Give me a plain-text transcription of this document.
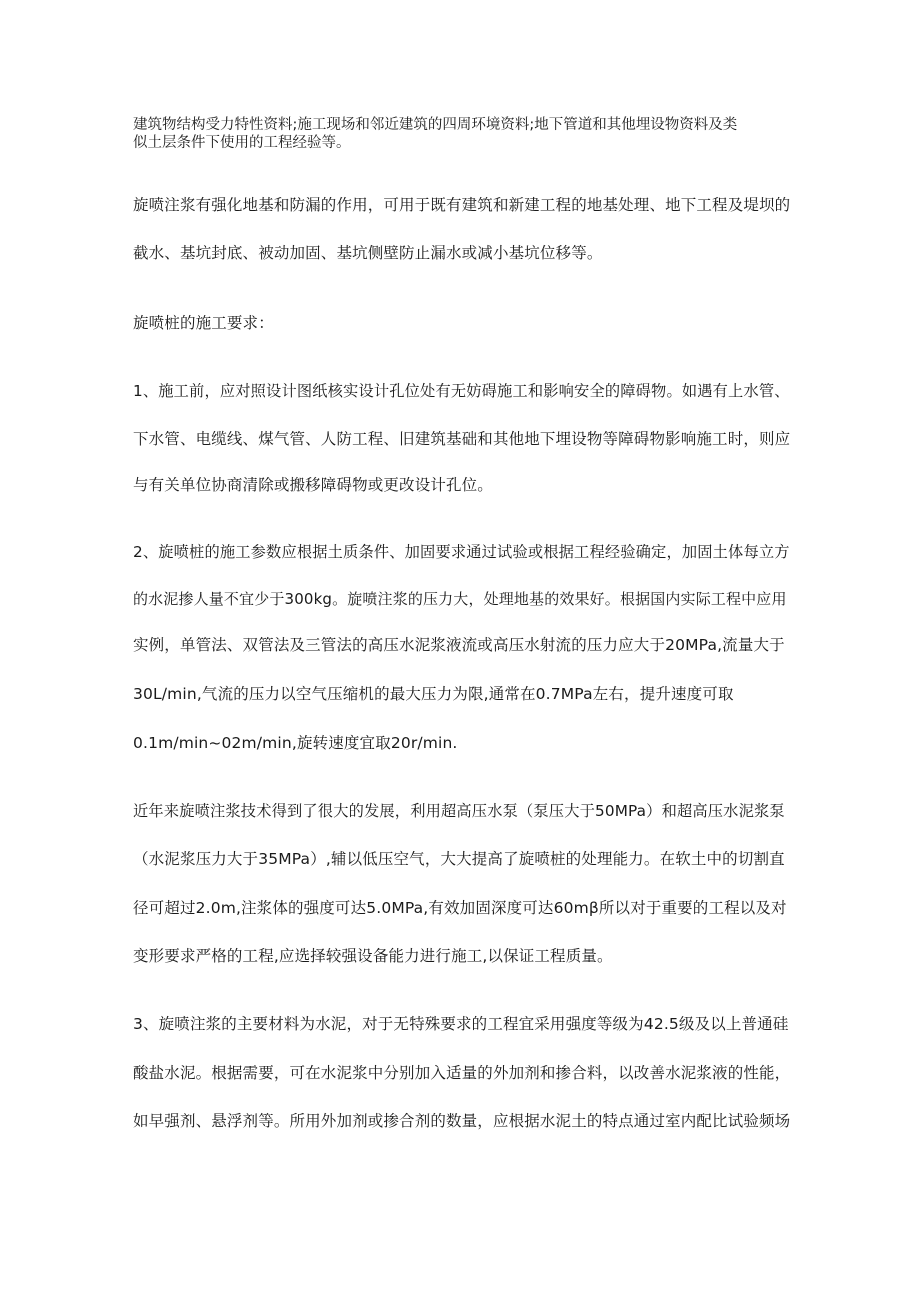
建筑物结构受力特性资料;施工现场和邻近建筑的四周环境资料;地下管道和其他埋设物资料及类
似土层条件下使用的工程经验等。
旋喷注浆有强化地基和防漏的作用，可用于既有建筑和新建工程的地基处理、地下工程及堤坝的
截水、基坑封底、被动加固、基坑侧壁防止漏水或减小基坑位移等。
旋喷桩的施工要求：
1、施工前，应对照设计图纸核实设计孔位处有无妨碍施工和影响安全的障碍物。如遇有上水管、
下水管、电缆线、煤气管、人防工程、旧建筑基础和其他地下埋设物等障碍物影响施工时，则应
与有关单位协商清除或搬移障碍物或更改设计孔位。
2、旋喷桩的施工参数应根据土质条件、加固要求通过试验或根据工程经验确定，加固土体每立方
的水泥掺人量不宜少于300kg。旋喷注浆的压力大，处理地基的效果好。根据国内实际工程中应用
实例，单管法、双管法及三管法的高压水泥浆液流或高压水射流的压力应大于20MPa,流量大于
30L∕min,气流的压力以空气压缩机的最大压力为限,通常在0.7MPa左右，提升速度可取
0.1m∕min~02m∕min,旋转速度宜取20r∕min.
近年来旋喷注浆技术得到了很大的发展，利用超高压水泵（泵压大于50MPa）和超高压水泥浆泵
（水泥浆压力大于35MPa）,辅以低压空气，大大提高了旋喷桩的处理能力。在软土中的切割直
径可超过2.0m,注浆体的强度可达5.0MPa,有效加固深度可达60mβ所以对于重要的工程以及对
变形要求严格的工程,应选择较强设备能力进行施工,以保证工程质量。
3、旋喷注浆的主要材料为水泥，对于无特殊要求的工程宜采用强度等级为42.5级及以上普通硅
酸盐水泥。根据需要，可在水泥浆中分别加入适量的外加剂和掺合料，以改善水泥浆液的性能，
如早强剂、悬浮剂等。所用外加剂或掺合剂的数量，应根据水泥土的特点通过室内配比试验频场
